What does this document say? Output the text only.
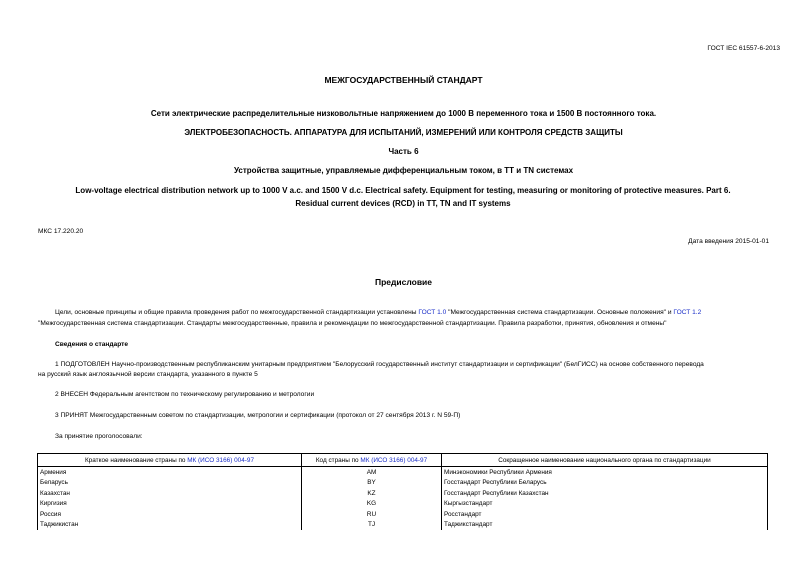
ГОСТ IEC 61557-6-2013
МЕЖГОСУДАРСТВЕННЫЙ СТАНДАРТ
Сети электрические распределительные низковольтные напряжением до 1000 В переменного тока и 1500 В постоянного тока.
ЭЛЕКТРОБЕЗОПАСНОСТЬ. АППАРАТУРА ДЛЯ ИСПЫТАНИЙ, ИЗМЕРЕНИЙ ИЛИ КОНТРОЛЯ СРЕДСТВ ЗАЩИТЫ
Часть 6
Устройства защитные, управляемые дифференциальным током, в ТТ и TN системах
Low-voltage electrical distribution network up to 1000 V a.c. and 1500 V d.c. Electrical safety. Equipment for testing, measuring or monitoring of protective measures. Part 6.
Residual current devices (RCD) in TT, TN and IT systems
МКС 17.220.20
Дата введения 2015-01-01
Предисловие
Цели, основные принципы и общие правила проведения работ по межгосударственной стандартизации установлены ГОСТ 1.0 "Межгосударственная система стандартизации. Основные положения" и ГОСТ 1.2
"Межгосударственная система стандартизации. Стандарты межгосударственные, правила и рекомендации по межгосударственной стандартизации. Правила разработки, принятия, обновления и отмены"
Сведения о стандарте
1 ПОДГОТОВЛЕН Научно-производственным республиканским унитарным предприятием "Белорусский государственный институт стандартизации и сертификации" (БелГИСС) на основе собственного перевода
на русский язык англоязычной версии стандарта, указанного в пункте 5
2 ВНЕСЕН Федеральным агентством по техническому регулированию и метрологии
3 ПРИНЯТ Межгосударственным советом по стандартизации, метрологии и сертификации (протокол от 27 сентября 2013 г. N 59-П)
За принятие проголосовали:
Краткое наименование страны по МК (ИСО 3166) 004-97	Код страны по МК (ИСО 3166) 004-97	Сокращенное наименование национального органа по стандартизации
Армения	AM	Минэкономики Республики Армения
Беларусь	BY	Госстандарт Республики Беларусь
Казахстан	KZ	Госстандарт Республики Казахстан
Киргизия	KG	Кыргызстандарт
Россия	RU	Росстандарт
Таджикистан	TJ	Таджикстандарт
